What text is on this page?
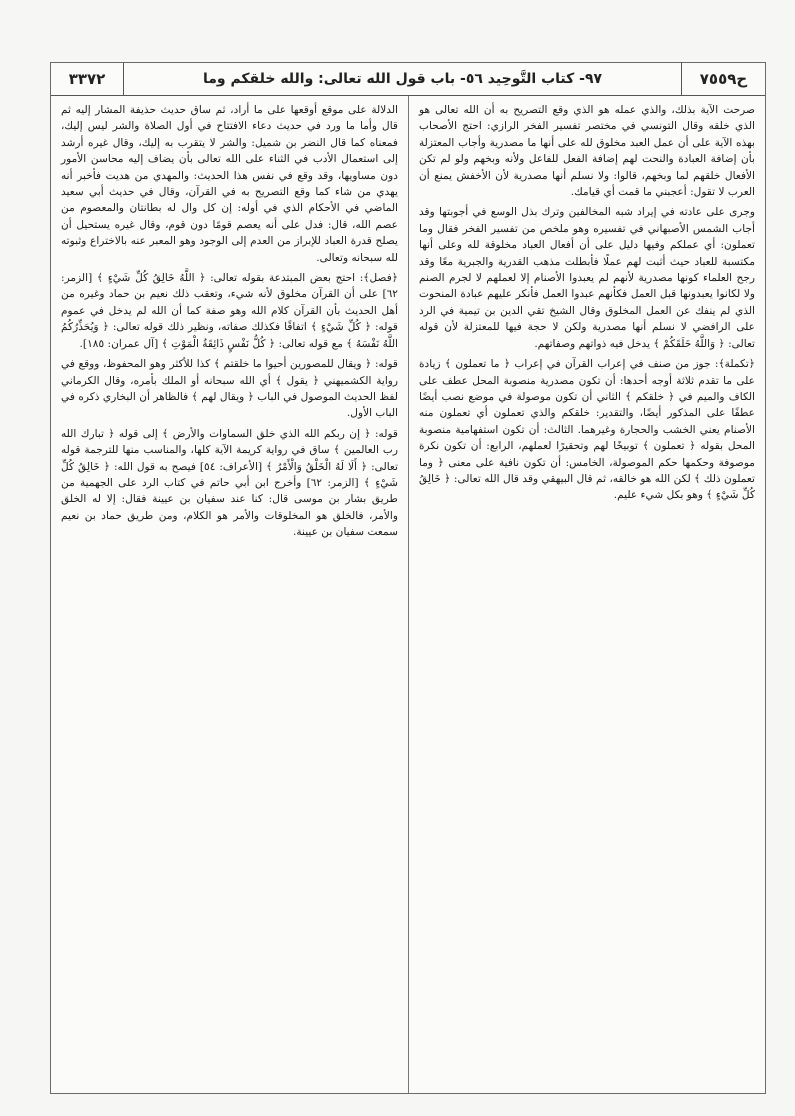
ح٧٥٥٩
٩٧- كتاب التَّوحِيد ٥٦- باب قول الله تعالى: والله خلقكم وما
٣٣٧٢

صرحت الآية بذلك، والذي عمله هو الذي وقع التصريح به أن الله تعالى هو الذي خلقه وقال التونسي في مختصر تفسير الفخر الرازي: احتج الأصحاب بهذه الآية على أن عمل العبد مخلوق لله على أنها ما مصدرية وأجاب المعتزلة بأن إضافة العبادة والنحت لهم إضافة الفعل للفاعل ولأنه وبخهم ولو لم تكن الأفعال خلقهم لما وبخهم، قالوا: ولا نسلم أنها مصدرية لأن الأخفش يمنع أن العرب لا تقول: أعجبني ما قمت أي قيامك.

وجرى على عادته في إيراد شبه المخالفين وترك بذل الوسع في أجوبتها وقد أجاب الشمس الأصبهاني في تفسيره وهو ملخص من تفسير الفخر فقال وما تعملون: أي عملكم وفيها دليل على أن أفعال العباد مخلوقة لله وعلى أنها مكتسبة للعباد حيث أثبت لهم عملًا فأبطلت مذهب القدرية والجبرية معًا وقد رجح العلماء كونها مصدرية لأنهم لم يعبدوا الأصنام إلا لعملهم لا لجرم الصنم ولا لكانوا يعبدونها قبل العمل فكأنهم عبدوا العمل فأنكر عليهم عبادة المنحوت الذي لم ينفك عن العمل المخلوق وقال الشيخ تقي الدين بن تيمية في الرد على الرافضي لا نسلم أنها مصدرية ولكن لا حجة فيها للمعتزلة لأن قوله تعالى: ﴿ وَاللَّهُ خَلَقَكُمْ ﴾ يدخل فيه ذواتهم وصفاتهم.

﴿تكملة﴾: جوز من صنف في إعراب القرآن في إعراب ﴿ ما تعملون ﴾ زيادة على ما تقدم ثلاثة أوجه أحدها: أن تكون مصدرية منصوبة المحل عطف على الكاف والميم في ﴿ خلقكم ﴾ الثاني أن تكون موصولة في موضع نصب أيضًا عطفًا على المذكور أيضًا، والتقدير: خلقكم والذي تعملون أي تعملون منه الأصنام يعني الخشب والحجارة وغيرهما. الثالث: أن تكون استفهامية منصوبة المحل بقوله ﴿ تعملون ﴾ توبيخًا لهم وتحقيرًا لعملهم، الرابع: أن تكون نكرة موصوفة وحكمها حكم الموصولة، الخامس: أن تكون نافية على معنى ﴿ وما تعملون ذلك ﴾ لكن الله هو خالقه، ثم قال البيهقي وقد قال الله تعالى: ﴿ خَالِقُ كُلِّ شَيْءٍ ﴾ وهو بكل شيء عليم.

الدلالة على موقع أوقعها على ما أراد، ثم ساق حديث حذيفة المشار إليه ثم قال وأما ما ورد في حديث دعاء الافتتاح في أول الصلاة والشر ليس إليك، فمعناه كما قال النضر بن شميل: والشر لا يتقرب به إليك، وقال غيره أرشد إلى استعمال الأدب في الثناء على الله تعالى بأن يضاف إليه محاسن الأمور دون مساويها، وقد وقع في نفس هذا الحديث: والمهدي من هديت فأخبر أنه يهدي من شاء كما وقع التصريح به في القرآن، وقال في حديث أبي سعيد الماضي في الأحكام الذي في أوله: إن كل وال له بطانتان والمعصوم من عصم الله، قال: فدل على أنه يعصم قومًا دون قوم، وقال غيره يستحيل أن يصلح قدرة العباد للإبراز من العدم إلى الوجود وهو المعبر عنه بالاختراع وثبوته لله سبحانه وتعالى.

﴿فصل﴾: احتج بعض المبتدعة بقوله تعالى: ﴿ اللَّهُ خَالِقُ كُلِّ شَيْءٍ ﴾ [الزمر: ٦٢] على أن القرآن مخلوق لأنه شيء، وتعقب ذلك نعيم بن حماد وغيره من أهل الحديث بأن القرآن كلام الله وهو صفة كما أن الله لم يدخل في عموم قوله: ﴿ كُلِّ شَيْءٍ ﴾ اتفاقًا فكذلك صفاته، ونظير ذلك قوله تعالى: ﴿ وَيُحَذِّرُكُمُ اللَّهُ نَفْسَهُ ﴾ مع قوله تعالى: ﴿ كُلُّ نَفْسٍ ذَائِقَةُ الْمَوْتِ ﴾ [آل عمران: ١٨٥].

قوله: ﴿ ويقال للمصورين أحيوا ما خلقتم ﴾ كذا للأكثر وهو المحفوظ، ووقع في رواية الكشميهني ﴿ يقول ﴾ أي الله سبحانه أو الملك بأمره، وقال الكرماني لفظ الحديث الموصول في الباب ﴿ ويقال لهم ﴾ فالظاهر أن البخاري ذكره في الباب الأول.

قوله: ﴿ إن ربكم الله الذي خلق السماوات والأرض ﴾ إلى قوله ﴿ تبارك الله رب العالمين ﴾ ساق في رواية كريمة الآية كلها، والمناسب منها للترجمة قوله تعالى: ﴿ أَلَا لَهُ الْخَلْقُ وَالْأَمْرُ ﴾ [الأعراف: ٥٤] فيصح به قول الله: ﴿ خَالِقُ كُلِّ شَيْءٍ ﴾ [الزمر: ٦٢] وأخرج ابن أبي حاتم في كتاب الرد على الجهمية من طريق بشار بن موسى قال: كنا عند سفيان بن عيينة فقال: إلا له الخلق والأمر، فالخلق هو المخلوقات والأمر هو الكلام، ومن طريق حماد بن نعيم سمعت سفيان بن عيينة.
